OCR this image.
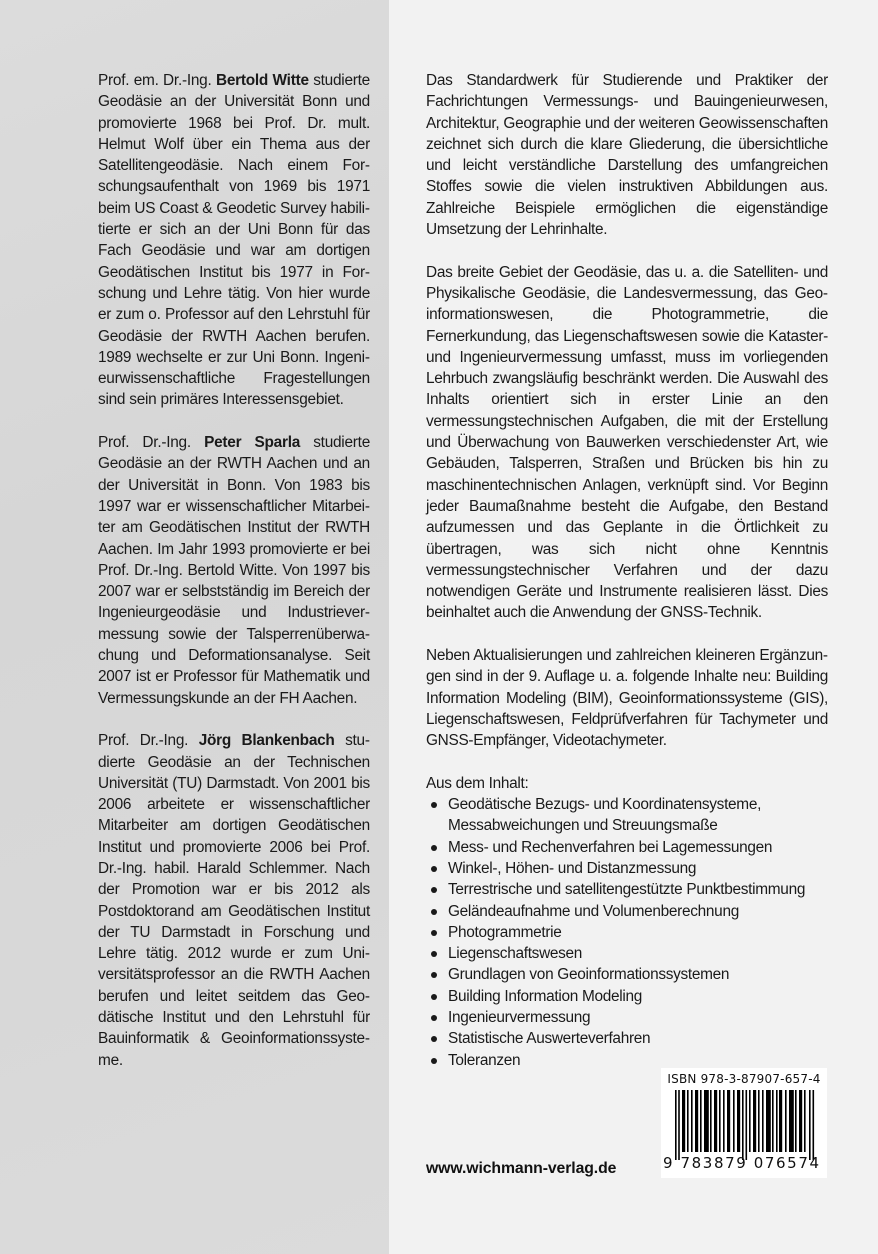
Prof. em. Dr.-Ing. Bertold Witte studierte Geodäsie an der Universität Bonn und promovierte 1968 bei Prof. Dr. mult. Helmut Wolf über ein Thema aus der Satellitengeodäsie. Nach einem Forschungsaufenthalt von 1969 bis 1971 beim US Coast & Geodetic Survey habilitierte er sich an der Uni Bonn für das Fach Geodäsie und war am dortigen Geodätischen Institut bis 1977 in Forschung und Lehre tätig. Von hier wurde er zum o. Professor auf den Lehrstuhl für Geodäsie der RWTH Aachen berufen. 1989 wechselte er zur Uni Bonn. Ingenieurwissenschaftliche Fragestellungen sind sein primäres Interessensgebiet.

Prof. Dr.-Ing. Peter Sparla studierte Geodäsie an der RWTH Aachen und an der Universität in Bonn. Von 1983 bis 1997 war er wissenschaftlicher Mitarbeiter am Geodätischen Institut der RWTH Aachen. Im Jahr 1993 promovierte er bei Prof. Dr.-Ing. Bertold Witte. Von 1997 bis 2007 war er selbstständig im Bereich der Ingenieurgeodäsie und Industrievermessung sowie der Talsperrenüberwachung und Deformationsanalyse. Seit 2007 ist er Professor für Mathematik und Vermessungskunde an der FH Aachen.

Prof. Dr.-Ing. Jörg Blankenbach studierte Geodäsie an der Technischen Universität (TU) Darmstadt. Von 2001 bis 2006 arbeitete er wissenschaftlicher Mitarbeiter am dortigen Geodätischen Institut und promovierte 2006 bei Prof. Dr.-Ing. habil. Harald Schlemmer. Nach der Promotion war er bis 2012 als Postdoktorand am Geodätischen Institut der TU Darmstadt in Forschung und Lehre tätig. 2012 wurde er zum Universitätsprofessor an die RWTH Aachen berufen und leitet seitdem das Geodätische Institut und den Lehrstuhl für Bauinformatik & Geoinformationssysteme.

Das Standardwerk für Studierende und Praktiker der Fachrichtungen Vermessungs- und Bauingenieurwesen, Architektur, Geographie und der weiteren Geowissenschaften zeichnet sich durch die klare Gliederung, die übersichtliche und leicht verständliche Darstellung des umfangreichen Stoffes sowie die vielen instruktiven Abbildungen aus. Zahlreiche Beispiele ermöglichen die eigenständige Umsetzung der Lehrinhalte.

Das breite Gebiet der Geodäsie, das u. a. die Satelliten- und Physikalische Geodäsie, die Landesvermessung, das Geoinformationswesen, die Photogrammetrie, die Fernerkundung, das Liegenschaftswesen sowie die Kataster- und Ingenieurvermessung umfasst, muss im vorliegenden Lehrbuch zwangsläufig beschränkt werden. Die Auswahl des Inhalts orientiert sich in erster Linie an den vermessungstechnischen Aufgaben, die mit der Erstellung und Überwachung von Bauwerken verschiedenster Art, wie Gebäuden, Talsperren, Straßen und Brücken bis hin zu maschinentechnischen Anlagen, verknüpft sind. Vor Beginn jeder Baumaßnahme besteht die Aufgabe, den Bestand aufzumessen und das Geplante in die Örtlichkeit zu übertragen, was sich nicht ohne Kenntnis vermessungstechnischer Verfahren und der dazu notwendigen Geräte und Instrumente realisieren lässt. Dies beinhaltet auch die Anwendung der GNSS-Technik.

Neben Aktualisierungen und zahlreichen kleineren Ergänzungen sind in der 9. Auflage u. a. folgende Inhalte neu: Building Information Modeling (BIM), Geoinformationssysteme (GIS), Liegenschaftswesen, Feldprüfverfahren für Tachymeter und GNSS-Empfänger, Videotachymeter.

Aus dem Inhalt:
Geodätische Bezugs- und Koordinatensysteme, Messabweichungen und Streuungsmaße
Mess- und Rechenverfahren bei Lagemessungen
Winkel-, Höhen- und Distanzmessung
Terrestrische und satellitengestützte Punktbestimmung
Geländeaufnahme und Volumenberechnung
Photogrammetrie
Liegenschaftswesen
Grundlagen von Geoinformationssystemen
Building Information Modeling
Ingenieurvermessung
Statistische Auswerteverfahren
Toleranzen
www.wichmann-verlag.de
ISBN 978-3-87907-657-4
9 783879 076574
